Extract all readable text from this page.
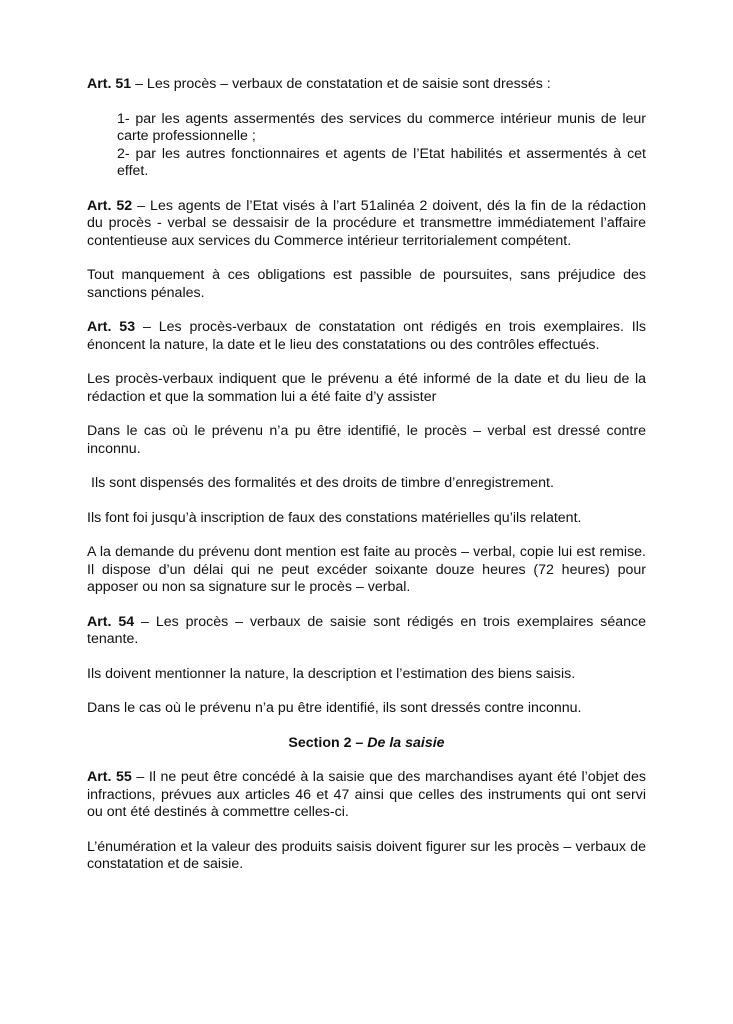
Art. 51 – Les procès – verbaux de constatation et de saisie sont dressés :

1- par les agents assermentés des services du commerce intérieur munis de leur carte professionnelle ;

2- par les autres fonctionnaires et agents de l’Etat habilités et assermentés à cet effet.

Art. 52 – Les agents de l’Etat visés à l’art 51alinéa 2 doivent, dés la fin de la rédaction du procès - verbal se dessaisir de la procédure et transmettre immédiatement l’affaire contentieuse aux services du Commerce intérieur territorialement compétent.

Tout manquement à ces obligations est passible de poursuites, sans préjudice des sanctions pénales.

Art. 53 – Les procès-verbaux de constatation ont rédigés en trois exemplaires. Ils énoncent la nature, la date et le lieu des constatations ou des contrôles effectués.

Les procès-verbaux indiquent que le prévenu a été informé de la date et du lieu de la rédaction et que la sommation lui a été faite d’y assister

Dans le cas où le prévenu n’a pu être identifié, le procès – verbal est dressé contre inconnu.

Ils sont dispensés des formalités et des droits de timbre d’enregistrement.

Ils font foi jusqu’à inscription de faux des constations matérielles qu’ils relatent.

A la demande du prévenu dont mention est faite au procès – verbal, copie lui est remise. Il dispose d’un délai qui ne peut excéder soixante douze heures (72 heures) pour apposer ou non sa signature sur le procès – verbal.

Art. 54 – Les procès – verbaux de saisie sont rédigés en trois exemplaires séance tenante.

Ils doivent mentionner la nature, la description et l’estimation des biens saisis.

Dans le cas où le prévenu n’a pu être identifié, ils sont dressés contre inconnu.

Section 2 – De la saisie

Art. 55 – Il ne peut être concédé à la saisie que des marchandises ayant été l’objet des infractions, prévues aux articles 46 et 47 ainsi que celles des instruments qui ont servi ou ont été destinés à commettre celles-ci.

L’énumération et la valeur des produits saisis doivent figurer sur les procès – verbaux de constatation et de saisie.
